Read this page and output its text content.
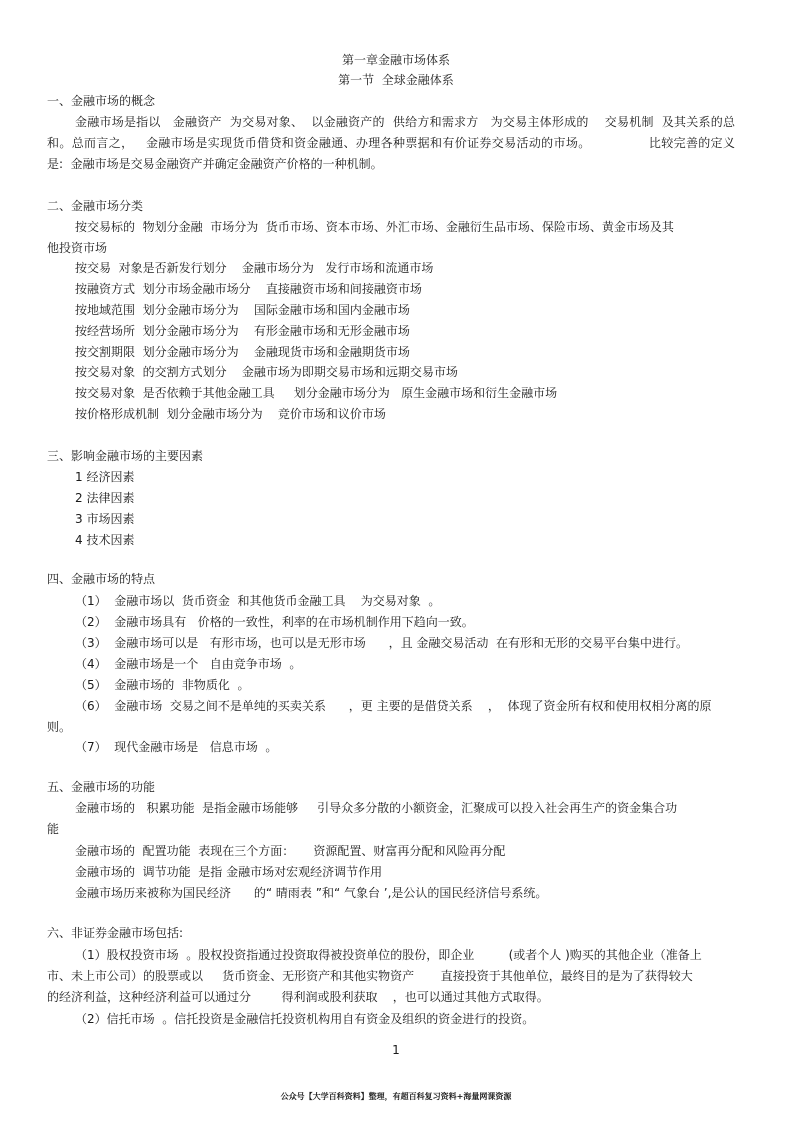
第一章金融市场体系
第一节  全球金融体系
一、金融市场的概念
金融市场是指以   金融资产  为交易对象、  以金融资产的  供给方和需求方   为交易主体形成的    交易机制  及其关系的总
和。总而言之，   金融市场是实现货币借贷和资金融通、办理各种票据和有价证券交易活动的市场。              比较完善的定义
是:  金融市场是交易金融资产并确定金融资产价格的一种机制。
二、金融市场分类
按交易标的  物划分金融  市场分为  货币市场、资本市场、外汇市场、金融衍生品市场、保险市场、黄金市场及其
他投资市场
按交易  对象是否新发行划分    金融市场分为   发行市场和流通市场
按融资方式  划分市场金融市场分    直接融资市场和间接融资市场
按地域范围  划分金融市场分为    国际金融市场和国内金融市场
按经营场所  划分金融市场分为    有形金融市场和无形金融市场
按交割期限  划分金融市场分为    金融现货市场和金融期货市场
按交易对象  的交割方式划分    金融市场为即期交易市场和远期交易市场
按交易对象  是否依赖于其他金融工具     划分金融市场分为   原生金融市场和衍生金融市场
按价格形成机制  划分金融市场分为    竞价市场和议价市场
三、影响金融市场的主要因素
1 经济因素
2 法律因素
3 市场因素
4 技术因素
四、金融市场的特点
（1）  金融市场以  货币资金  和其他货币金融工具    为交易对象  。
（2）  金融市场具有   价格的一致性，利率的在市场机制作用下趋向一致。
（3）  金融市场可以是   有形市场，也可以是无形市场      ，且 金融交易活动  在有形和无形的交易平台集中进行。
（4）  金融市场是一个   自由竞争市场  。
（5）  金融市场的  非物质化  。
（6）  金融市场  交易之间不是单纯的买卖关系      ，更 主要的是借贷关系    ，  体现了资金所有权和使用权相分离的原
则。
（7）  现代金融市场是   信息市场  。
五、金融市场的功能
金融市场的   积累功能  是指金融市场能够     引导众多分散的小额资金，汇聚成可以投入社会再生产的资金集合功
能
金融市场的  配置功能  表现在三个方面：     资源配置、财富再分配和风险再分配
金融市场的  调节功能  是指 金融市场对宏观经济调节作用
金融市场历来被称为国民经济      的“ 晴雨表 ”和“ 气象台 ’,是公认的国民经济信号系统。
六、非证券金融市场包括:
（1）股权投资市场  。股权投资指通过投资取得被投资单位的股份，即企业         (或者个人 )购买的其他企业（准备上
市、未上市公司）的股票或以     货币资金、无形资产和其他实物资产       直接投资于其他单位，最终目的是为了获得较大
的经济利益，这种经济利益可以通过分        得利润或股利获取    ，也可以通过其他方式取得。
（2）信托市场  。信托投资是金融信托投资机构用自有资金及组织的资金进行的投资。
1
公众号【大学百科资料】整理，有超百科复习资料+海量网课资源
